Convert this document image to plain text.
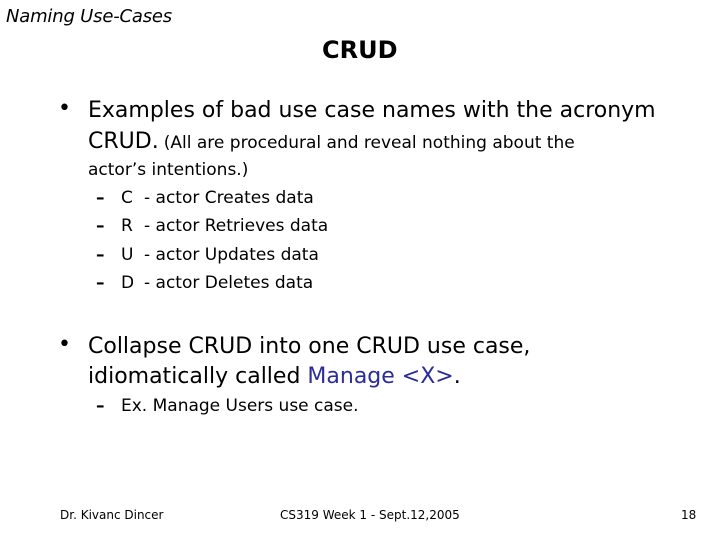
Naming Use-Cases
CRUD
• Examples of bad use case names with the acronym
CRUD. (All are procedural and reveal nothing about the
actor’s intentions.)
– C - actor Creates data
– R - actor Retrieves data
– U - actor Updates data
– D - actor Deletes data
• Collapse CRUD into one CRUD use case,
idiomatically called Manage <X>.
– Ex. Manage Users use case.
Dr. Kivanc Dincer	CS319 Week 1 - Sept.12,2005	18
